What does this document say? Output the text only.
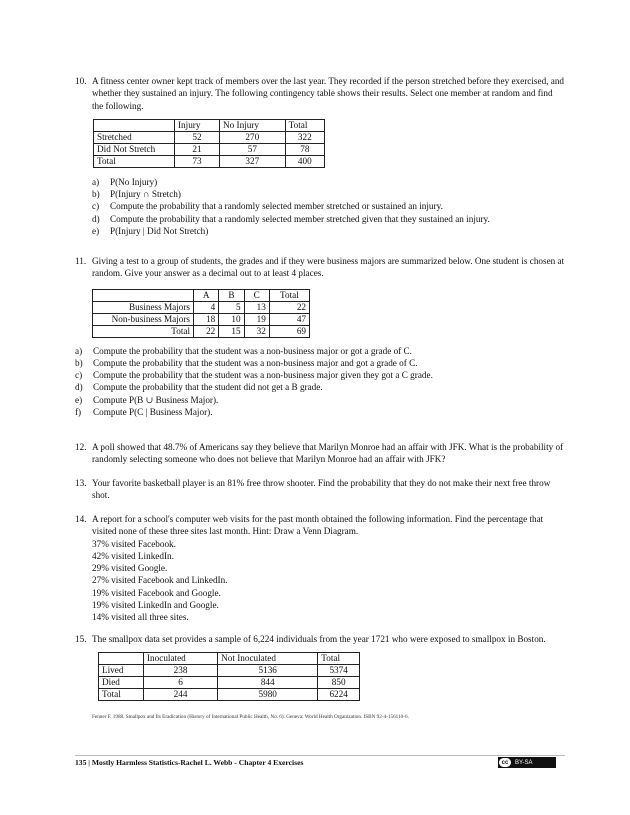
10. A fitness center owner kept track of members over the last year. They recorded if the person stretched before they exercised, and whether they sustained an injury. The following contingency table shows their results. Select one member at random and find the following.
	Injury	No Injury	Total
Stretched	52	270	322
Did Not Stretch	21	57	78
Total	73	327	400
a)	P(No Injury)
b)	P(Injury ∩ Stretch)
c)	Compute the probability that a randomly selected member stretched or sustained an injury.
d)	Compute the probability that a randomly selected member stretched given that they sustained an injury.
e)	P(Injury | Did Not Stretch)
11. Giving a test to a group of students, the grades and if they were business majors are summarized below. One student is chosen at random. Give your answer as a decimal out to at least 4 places.
	A	B	C	Total
Business Majors	4	5	13	22
Non-business Majors	18	10	19	47
Total	22	15	32	69
a)	Compute the probability that the student was a non-business major or got a grade of C.
b)	Compute the probability that the student was a non-business major and got a grade of C.
c)	Compute the probability that the student was a non-business major given they got a C grade.
d)	Compute the probability that the student did not get a B grade.
e)	Compute P(B ∪ Business Major).
f)	Compute P(C | Business Major).
12. A poll showed that 48.7% of Americans say they believe that Marilyn Monroe had an affair with JFK. What is the probability of randomly selecting someone who does not believe that Marilyn Monroe had an affair with JFK?
13. Your favorite basketball player is an 81% free throw shooter. Find the probability that they do not make their next free throw shot.
14. A report for a school's computer web visits for the past month obtained the following information. Find the percentage that visited none of these three sites last month. Hint: Draw a Venn Diagram.
37% visited Facebook.
42% visited LinkedIn.
29% visited Google.
27% visited Facebook and LinkedIn.
19% visited Facebook and Google.
19% visited LinkedIn and Google.
14% visited all three sites.
15. The smallpox data set provides a sample of 6,224 individuals from the year 1721 who were exposed to smallpox in Boston.
	Inoculated	Not Inoculated	Total
Lived	238	5136	5374
Died	6	844	850
Total	244	5980	6224
Fenner F. 1988. Smallpox and Its Eradication (History of International Public Health, No. 6). Geneva: World Health Organization. ISBN 92-4-156110-6.
135 | Mostly Harmless Statistics-Rachel L. Webb - Chapter 4 Exercises	cc	BY-SA
